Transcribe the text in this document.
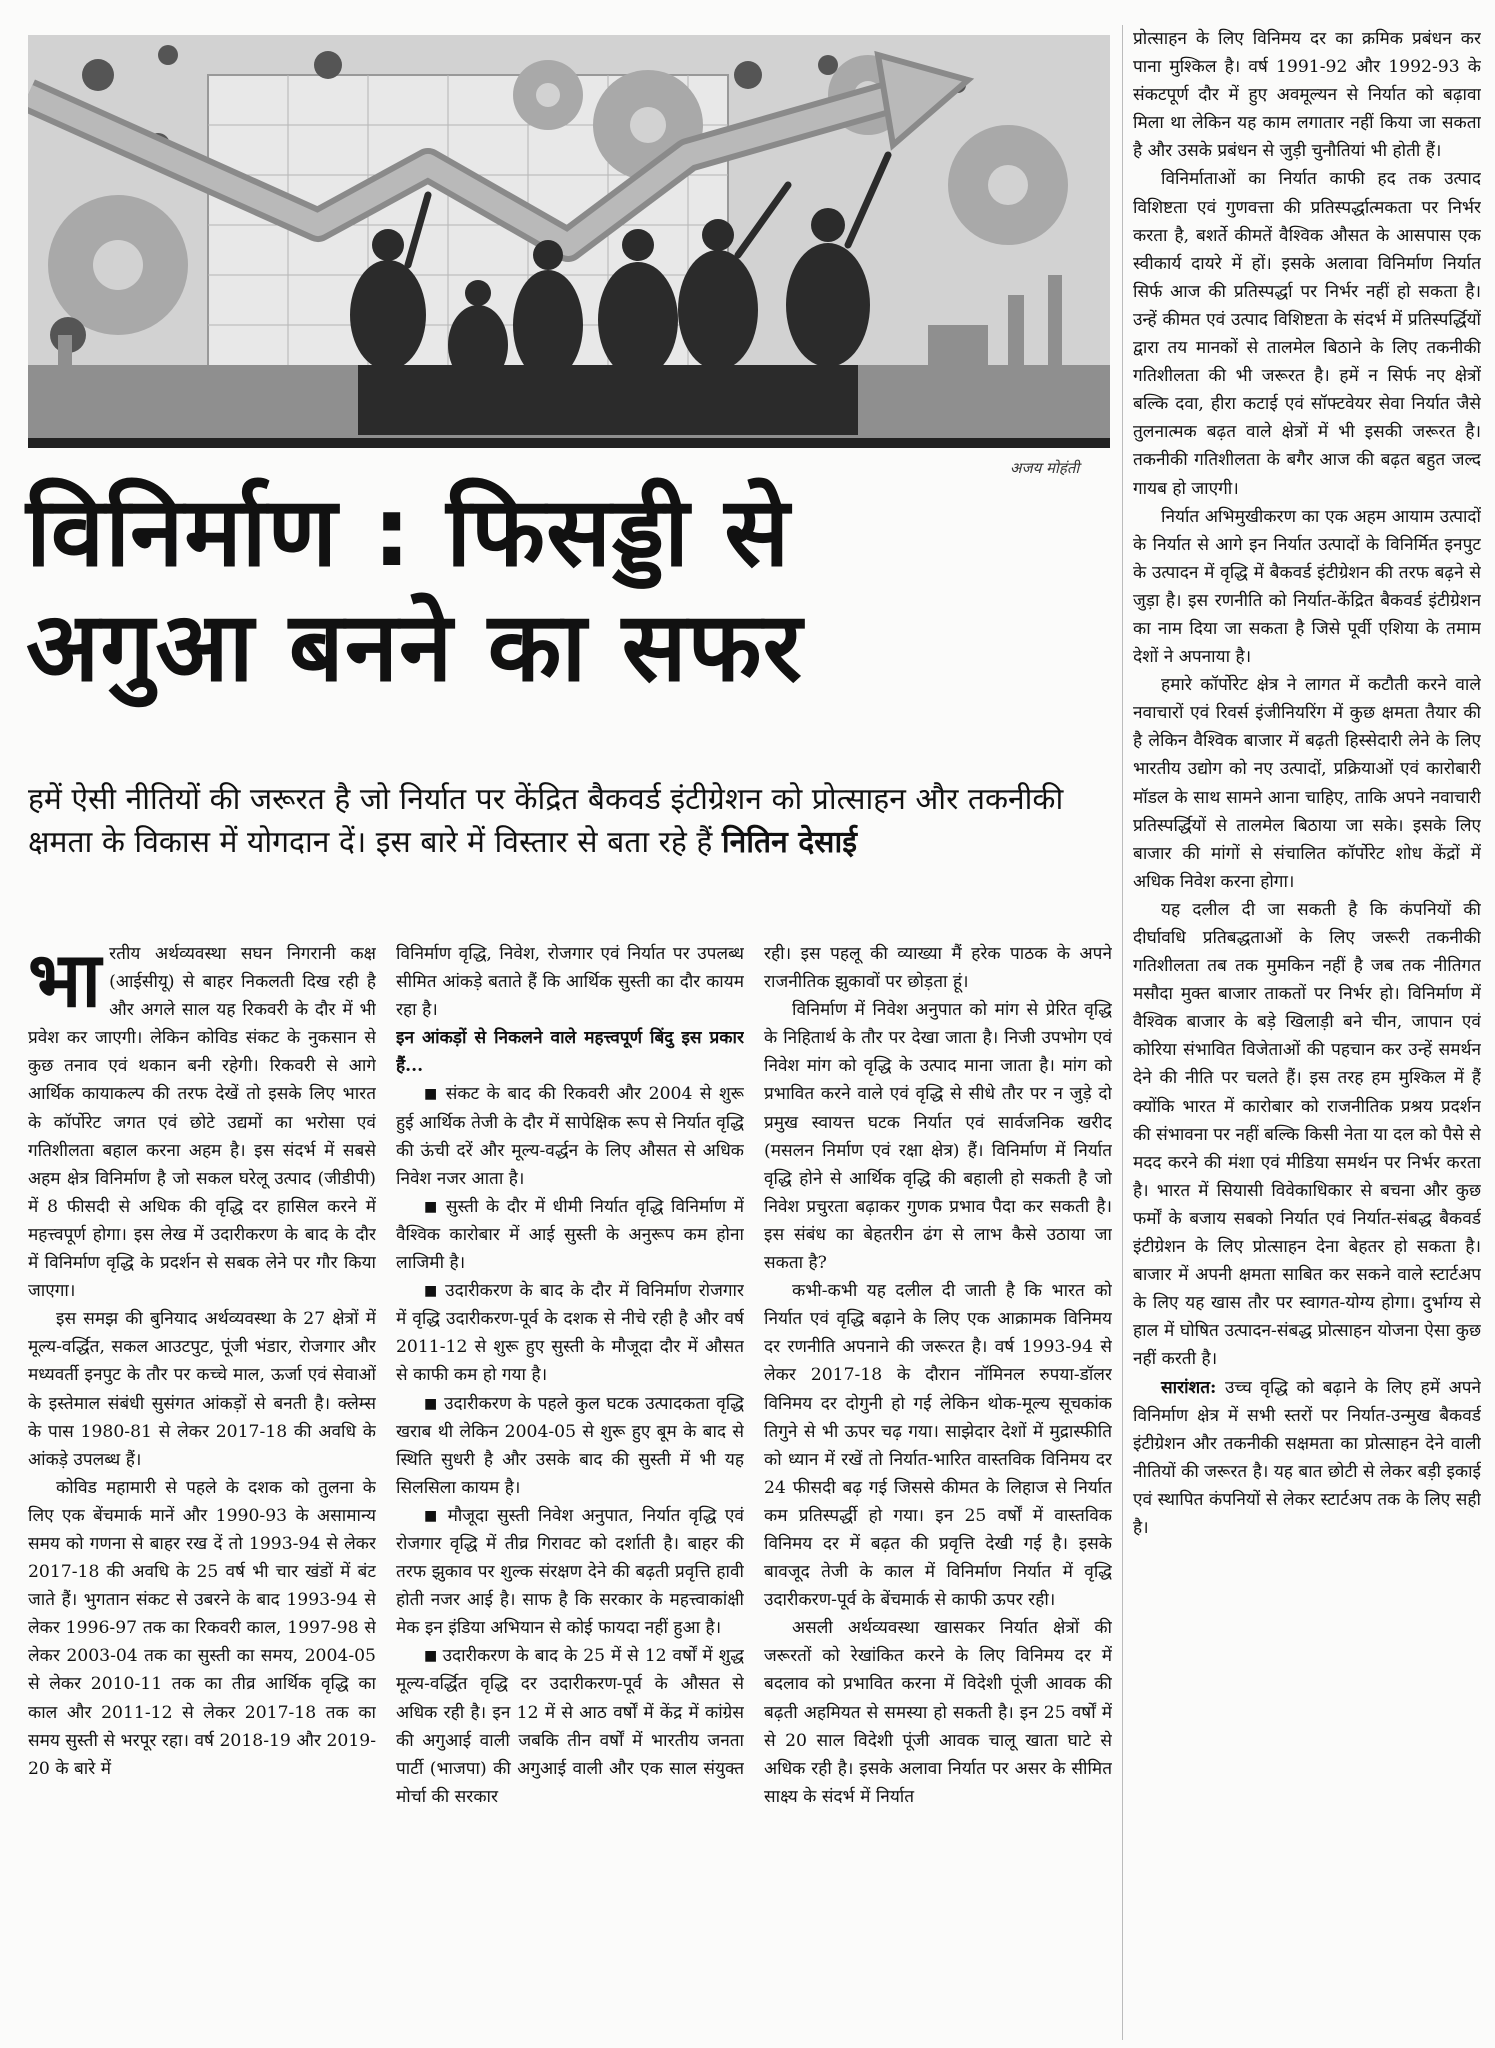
अजय मोहंती
विनिर्माण : फिसड्डी से
अगुआ बनने का सफर

हमें ऐसी नीतियों की जरूरत है जो निर्यात पर केंद्रित बैकवर्ड इंटीग्रेशन को प्रोत्साहन और तकनीकी क्षमता के विकास में योगदान दें। इस बारे में विस्तार से बता रहे हैं नितिन देसाई

भारतीय अर्थव्यवस्था सघन निगरानी कक्ष (आईसीयू) से बाहर निकलती दिख रही है और अगले साल यह रिकवरी के दौर में भी प्रवेश कर जाएगी। लेकिन कोविड संकट के नुकसान से कुछ तनाव एवं थकान बनी रहेगी। रिकवरी से आगे आर्थिक कायाकल्प की तरफ देखें तो इसके लिए भारत के कॉर्पोरेट जगत एवं छोटे उद्यमों का भरोसा एवं गतिशीलता बहाल करना अहम है। इस संदर्भ में सबसे अहम क्षेत्र विनिर्माण है जो सकल घरेलू उत्पाद (जीडीपी) में 8 फीसदी से अधिक की वृद्धि दर हासिल करने में महत्त्वपूर्ण होगा। इस लेख में उदारीकरण के बाद के दौर में विनिर्माण वृद्धि के प्रदर्शन से सबक लेने पर गौर किया जाएगा।

इस समझ की बुनियाद अर्थव्यवस्था के 27 क्षेत्रों में मूल्य-वर्द्धित, सकल आउटपुट, पूंजी भंडार, रोजगार और मध्यवर्ती इनपुट के तौर पर कच्चे माल, ऊर्जा एवं सेवाओं के इस्तेमाल संबंधी सुसंगत आंकड़ों से बनती है। क्लेम्स के पास 1980-81 से लेकर 2017-18 की अवधि के आंकड़े उपलब्ध हैं।

कोविड महामारी से पहले के दशक को तुलना के लिए एक बेंचमार्क मानें और 1990-93 के असामान्य समय को गणना से बाहर रख दें तो 1993-94 से लेकर 2017-18 की अवधि के 25 वर्ष भी चार खंडों में बंट जाते हैं। भुगतान संकट से उबरने के बाद 1993-94 से लेकर 1996-97 तक का रिकवरी काल, 1997-98 से लेकर 2003-04 तक का सुस्ती का समय, 2004-05 से लेकर 2010-11 तक का तीव्र आर्थिक वृद्धि का काल और 2011-12 से लेकर 2017-18 तक का समय सुस्ती से भरपूर रहा। वर्ष 2018-19 और 2019-20 के बारे में

विनिर्माण वृद्धि, निवेश, रोजगार एवं निर्यात पर उपलब्ध सीमित आंकड़े बताते हैं कि आर्थिक सुस्ती का दौर कायम रहा है।

इन आंकड़ों से निकलने वाले महत्त्वपूर्ण बिंदु इस प्रकार हैं...

■ संकट के बाद की रिकवरी और 2004 से शुरू हुई आर्थिक तेजी के दौर में सापेक्षिक रूप से निर्यात वृद्धि की ऊंची दरें और मूल्य-वर्द्धन के लिए औसत से अधिक निवेश नजर आता है।

■ सुस्ती के दौर में धीमी निर्यात वृद्धि विनिर्माण में वैश्विक कारोबार में आई सुस्ती के अनुरूप कम होना लाजिमी है।

■ उदारीकरण के बाद के दौर में विनिर्माण रोजगार में वृद्धि उदारीकरण-पूर्व के दशक से नीचे रही है और वर्ष 2011-12 से शुरू हुए सुस्ती के मौजूदा दौर में औसत से काफी कम हो गया है।

■ उदारीकरण के पहले कुल घटक उत्पादकता वृद्धि खराब थी लेकिन 2004-05 से शुरू हुए बूम के बाद से स्थिति सुधरी है और उसके बाद की सुस्ती में भी यह सिलसिला कायम है।

■ मौजूदा सुस्ती निवेश अनुपात, निर्यात वृद्धि एवं रोजगार वृद्धि में तीव्र गिरावट को दर्शाती है। बाहर की तरफ झुकाव पर शुल्क संरक्षण देने की बढ़ती प्रवृत्ति हावी होती नजर आई है। साफ है कि सरकार के महत्त्वाकांक्षी मेक इन इंडिया अभियान से कोई फायदा नहीं हुआ है।

■ उदारीकरण के बाद के 25 में से 12 वर्षों में शुद्ध मूल्य-वर्द्धित वृद्धि दर उदारीकरण-पूर्व के औसत से अधिक रही है। इन 12 में से आठ वर्षों में केंद्र में कांग्रेस की अगुआई वाली जबकि तीन वर्षों में भारतीय जनता पार्टी (भाजपा) की अगुआई वाली और एक साल संयुक्त मोर्चा की सरकार

रही। इस पहलू की व्याख्या मैं हरेक पाठक के अपने राजनीतिक झुकावों पर छोड़ता हूं।

विनिर्माण में निवेश अनुपात को मांग से प्रेरित वृद्धि के निहितार्थ के तौर पर देखा जाता है। निजी उपभोग एवं निवेश मांग को वृद्धि के उत्पाद माना जाता है। मांग को प्रभावित करने वाले एवं वृद्धि से सीधे तौर पर न जुड़े दो प्रमुख स्वायत्त घटक निर्यात एवं सार्वजनिक खरीद (मसलन निर्माण एवं रक्षा क्षेत्र) हैं। विनिर्माण में निर्यात वृद्धि होने से आर्थिक वृद्धि की बहाली हो सकती है जो निवेश प्रचुरता बढ़ाकर गुणक प्रभाव पैदा कर सकती है। इस संबंध का बेहतरीन ढंग से लाभ कैसे उठाया जा सकता है?

कभी-कभी यह दलील दी जाती है कि भारत को निर्यात एवं वृद्धि बढ़ाने के लिए एक आक्रामक विनिमय दर रणनीति अपनाने की जरूरत है। वर्ष 1993-94 से लेकर 2017-18 के दौरान नॉमिनल रुपया-डॉलर विनिमय दर दोगुनी हो गई लेकिन थोक-मूल्य सूचकांक तिगुने से भी ऊपर चढ़ गया। साझेदार देशों में मुद्रास्फीति को ध्यान में रखें तो निर्यात-भारित वास्तविक विनिमय दर 24 फीसदी बढ़ गई जिससे कीमत के लिहाज से निर्यात कम प्रतिस्पर्द्धी हो गया। इन 25 वर्षों में वास्तविक विनिमय दर में बढ़त की प्रवृत्ति देखी गई है। इसके बावजूद तेजी के काल में विनिर्माण निर्यात में वृद्धि उदारीकरण-पूर्व के बेंचमार्क से काफी ऊपर रही।

असली अर्थव्यवस्था खासकर निर्यात क्षेत्रों की जरूरतों को रेखांकित करने के लिए विनिमय दर में बदलाव को प्रभावित करना में विदेशी पूंजी आवक की बढ़ती अहमियत से समस्या हो सकती है। इन 25 वर्षों में से 20 साल विदेशी पूंजी आवक चालू खाता घाटे से अधिक रही है। इसके अलावा निर्यात पर असर के सीमित साक्ष्य के संदर्भ में निर्यात

प्रोत्साहन के लिए विनिमय दर का क्रमिक प्रबंधन कर पाना मुश्किल है। वर्ष 1991-92 और 1992-93 के संकटपूर्ण दौर में हुए अवमूल्यन से निर्यात को बढ़ावा मिला था लेकिन यह काम लगातार नहीं किया जा सकता है और उसके प्रबंधन से जुड़ी चुनौतियां भी होती हैं।

विनिर्माताओं का निर्यात काफी हद तक उत्पाद विशिष्टता एवं गुणवत्ता की प्रतिस्पर्द्धात्मकता पर निर्भर करता है, बशर्ते कीमतें वैश्विक औसत के आसपास एक स्वीकार्य दायरे में हों। इसके अलावा विनिर्माण निर्यात सिर्फ आज की प्रतिस्पर्द्धा पर निर्भर नहीं हो सकता है। उन्हें कीमत एवं उत्पाद विशिष्टता के संदर्भ में प्रतिस्पर्द्धियों द्वारा तय मानकों से तालमेल बिठाने के लिए तकनीकी गतिशीलता की भी जरूरत है। हमें न सिर्फ नए क्षेत्रों बल्कि दवा, हीरा कटाई एवं सॉफ्टवेयर सेवा निर्यात जैसे तुलनात्मक बढ़त वाले क्षेत्रों में भी इसकी जरूरत है। तकनीकी गतिशीलता के बगैर आज की बढ़त बहुत जल्द गायब हो जाएगी।

निर्यात अभिमुखीकरण का एक अहम आयाम उत्पादों के निर्यात से आगे इन निर्यात उत्पादों के विनिर्मित इनपुट के उत्पादन में वृद्धि में बैकवर्ड इंटीग्रेशन की तरफ बढ़ने से जुड़ा है। इस रणनीति को निर्यात-केंद्रित बैकवर्ड इंटीग्रेशन का नाम दिया जा सकता है जिसे पूर्वी एशिया के तमाम देशों ने अपनाया है।

हमारे कॉर्पोरेट क्षेत्र ने लागत में कटौती करने वाले नवाचारों एवं रिवर्स इंजीनियरिंग में कुछ क्षमता तैयार की है लेकिन वैश्विक बाजार में बढ़ती हिस्सेदारी लेने के लिए भारतीय उद्योग को नए उत्पादों, प्रक्रियाओं एवं कारोबारी मॉडल के साथ सामने आना चाहिए, ताकि अपने नवाचारी प्रतिस्पर्द्धियों से तालमेल बिठाया जा सके। इसके लिए बाजार की मांगों से संचालित कॉर्पोरेट शोध केंद्रों में अधिक निवेश करना होगा।

यह दलील दी जा सकती है कि कंपनियों की दीर्घावधि प्रतिबद्धताओं के लिए जरूरी तकनीकी गतिशीलता तब तक मुमकिन नहीं है जब तक नीतिगत मसौदा मुक्त बाजार ताकतों पर निर्भर हो। विनिर्माण में वैश्विक बाजार के बड़े खिलाड़ी बने चीन, जापान एवं कोरिया संभावित विजेताओं की पहचान कर उन्हें समर्थन देने की नीति पर चलते हैं। इस तरह हम मुश्किल में हैं क्योंकि भारत में कारोबार को राजनीतिक प्रश्रय प्रदर्शन की संभावना पर नहीं बल्कि किसी नेता या दल को पैसे से मदद करने की मंशा एवं मीडिया समर्थन पर निर्भर करता है। भारत में सियासी विवेकाधिकार से बचना और कुछ फर्मों के बजाय सबको निर्यात एवं निर्यात-संबद्ध बैकवर्ड इंटीग्रेशन के लिए प्रोत्साहन देना बेहतर हो सकता है। बाजार में अपनी क्षमता साबित कर सकने वाले स्टार्टअप के लिए यह खास तौर पर स्वागत-योग्य होगा। दुर्भाग्य से हाल में घोषित उत्पादन-संबद्ध प्रोत्साहन योजना ऐसा कुछ नहीं करती है।

सारांशत: उच्च वृद्धि को बढ़ाने के लिए हमें अपने विनिर्माण क्षेत्र में सभी स्तरों पर निर्यात-उन्मुख बैकवर्ड इंटीग्रेशन और तकनीकी सक्षमता का प्रोत्साहन देने वाली नीतियों की जरूरत है। यह बात छोटी से लेकर बड़ी इकाई एवं स्थापित कंपनियों से लेकर स्टार्टअप तक के लिए सही है।
